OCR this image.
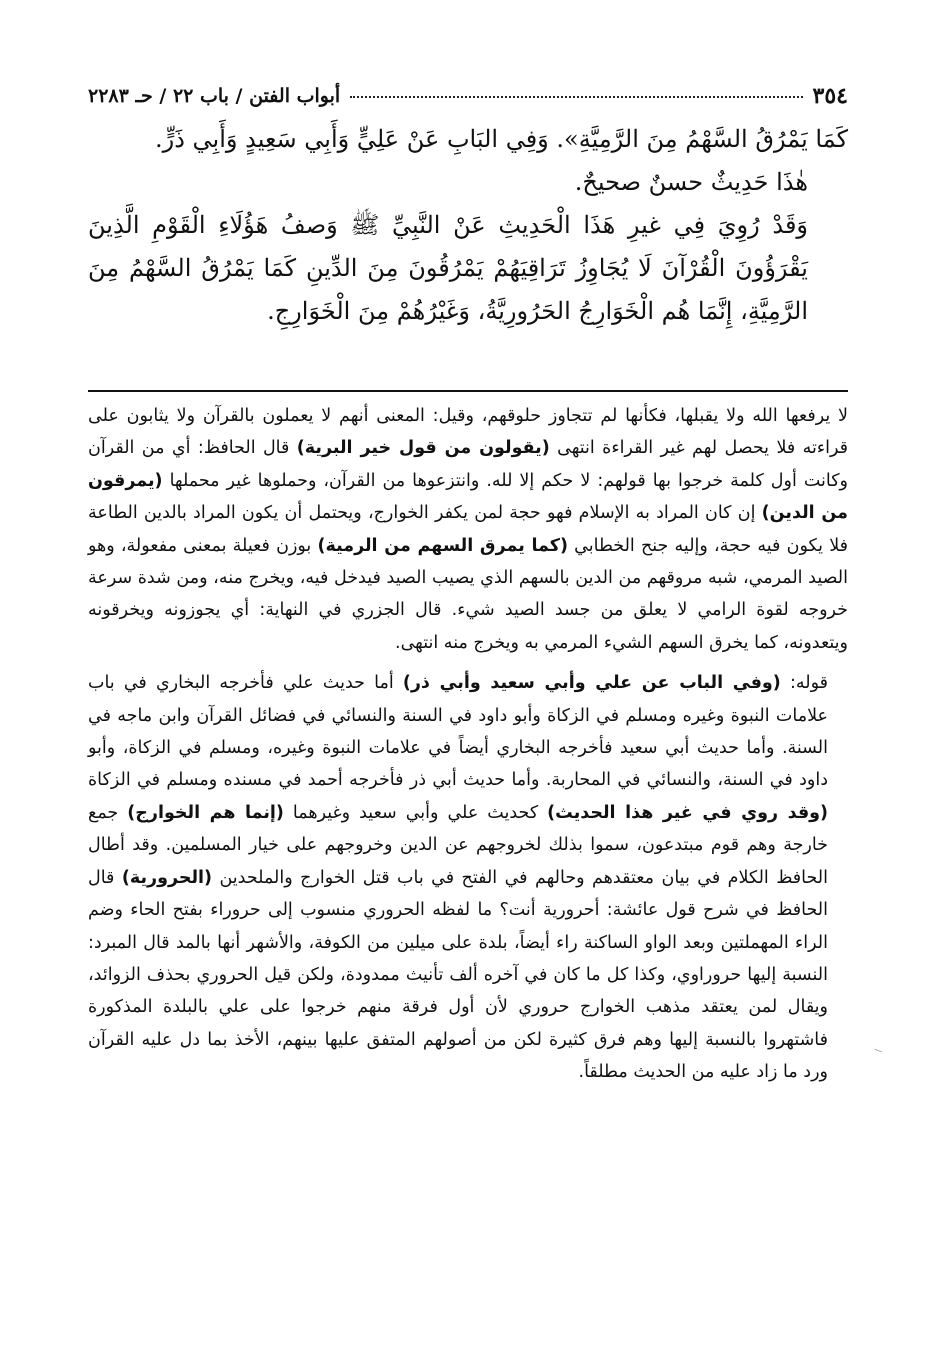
٣٥٤
أبواب الفتن / باب ٢٢ / حـ ٢٢٨٣

كَمَا يَمْرُقُ السَّهْمُ مِنَ الرَّمِيَّةِ». وَفِي البَابِ عَنْ عَلِيٍّ وَأَبِي سَعِيدٍ وَأَبِي ذَرٍّ.

هٰذَا حَدِيثٌ حسنٌ صحيحٌ.

وَقَدْ رُوِيَ فِي غيرِ هَذَا الْحَدِيثِ عَنْ النَّبِيِّ ﷺ وَصفُ هَؤُلَاءِ الْقَوْمِ الَّذِينَ يَقْرَؤُونَ الْقُرْآنَ لَا يُجَاوِزُ تَرَاقِيَهُمْ يَمْرُقُونَ مِنَ الدِّينِ كَمَا يَمْرُقُ السَّهْمُ مِنَ الرَّمِيَّةِ، إِنَّمَا هُم الْخَوَارِجُ الحَرُورِيَّةُ، وَغَيْرُهُمْ مِنَ الْخَوَارِجِ.

لا يرفعها الله ولا يقبلها، فكأنها لم تتجاوز حلوقهم، وقيل: المعنى أنهم لا يعملون بالقرآن ولا يثابون على قراءته فلا يحصل لهم غير القراءة انتهى (يقولون من قول خير البرية) قال الحافظ: أي من القرآن وكانت أول كلمة خرجوا بها قولهم: لا حكم إلا لله. وانتزعوها من القرآن، وحملوها غير محملها (يمرقون من الدين) إن كان المراد به الإسلام فهو حجة لمن يكفر الخوارج، ويحتمل أن يكون المراد بالدين الطاعة فلا يكون فيه حجة، وإليه جنح الخطابي (كما يمرق السهم من الرمية) بوزن فعيلة بمعنى مفعولة، وهو الصيد المرمي، شبه مروقهم من الدين بالسهم الذي يصيب الصيد فيدخل فيه، ويخرج منه، ومن شدة سرعة خروجه لقوة الرامي لا يعلق من جسد الصيد شيء. قال الجزري في النهاية: أي يجوزونه ويخرقونه ويتعدونه، كما يخرق السهم الشيء المرمي به ويخرج منه انتهى.

قوله: (وفي الباب عن علي وأبي سعيد وأبي ذر) أما حديث علي فأخرجه البخاري في باب علامات النبوة وغيره ومسلم في الزكاة وأبو داود في السنة والنسائي في فضائل القرآن وابن ماجه في السنة. وأما حديث أبي سعيد فأخرجه البخاري أيضاً في علامات النبوة وغيره، ومسلم في الزكاة، وأبو داود في السنة، والنسائي في المحاربة. وأما حديث أبي ذر فأخرجه أحمد في مسنده ومسلم في الزكاة (وقد روي في غير هذا الحديث) كحديث علي وأبي سعيد وغيرهما (إنما هم الخوارج) جمع خارجة وهم قوم مبتدعون، سموا بذلك لخروجهم عن الدين وخروجهم على خيار المسلمين. وقد أطال الحافظ الكلام في بيان معتقدهم وحالهم في الفتح في باب قتل الخوارج والملحدين (الحرورية) قال الحافظ في شرح قول عائشة: أحرورية أنت؟ ما لفظه الحروري منسوب إلى حروراء بفتح الحاء وضم الراء المهملتين وبعد الواو الساكنة راء أيضاً، بلدة على ميلين من الكوفة، والأشهر أنها بالمد قال المبرد: النسبة إليها حروراوي، وكذا كل ما كان في آخره ألف تأنيث ممدودة، ولكن قيل الحروري بحذف الزوائد، ويقال لمن يعتقد مذهب الخوارج حروري لأن أول فرقة منهم خرجوا على علي بالبلدة المذكورة فاشتهروا بالنسبة إليها وهم فرق كثيرة لكن من أصولهم المتفق عليها بينهم، الأخذ بما دل عليه القرآن ورد ما زاد عليه من الحديث مطلقاً.
